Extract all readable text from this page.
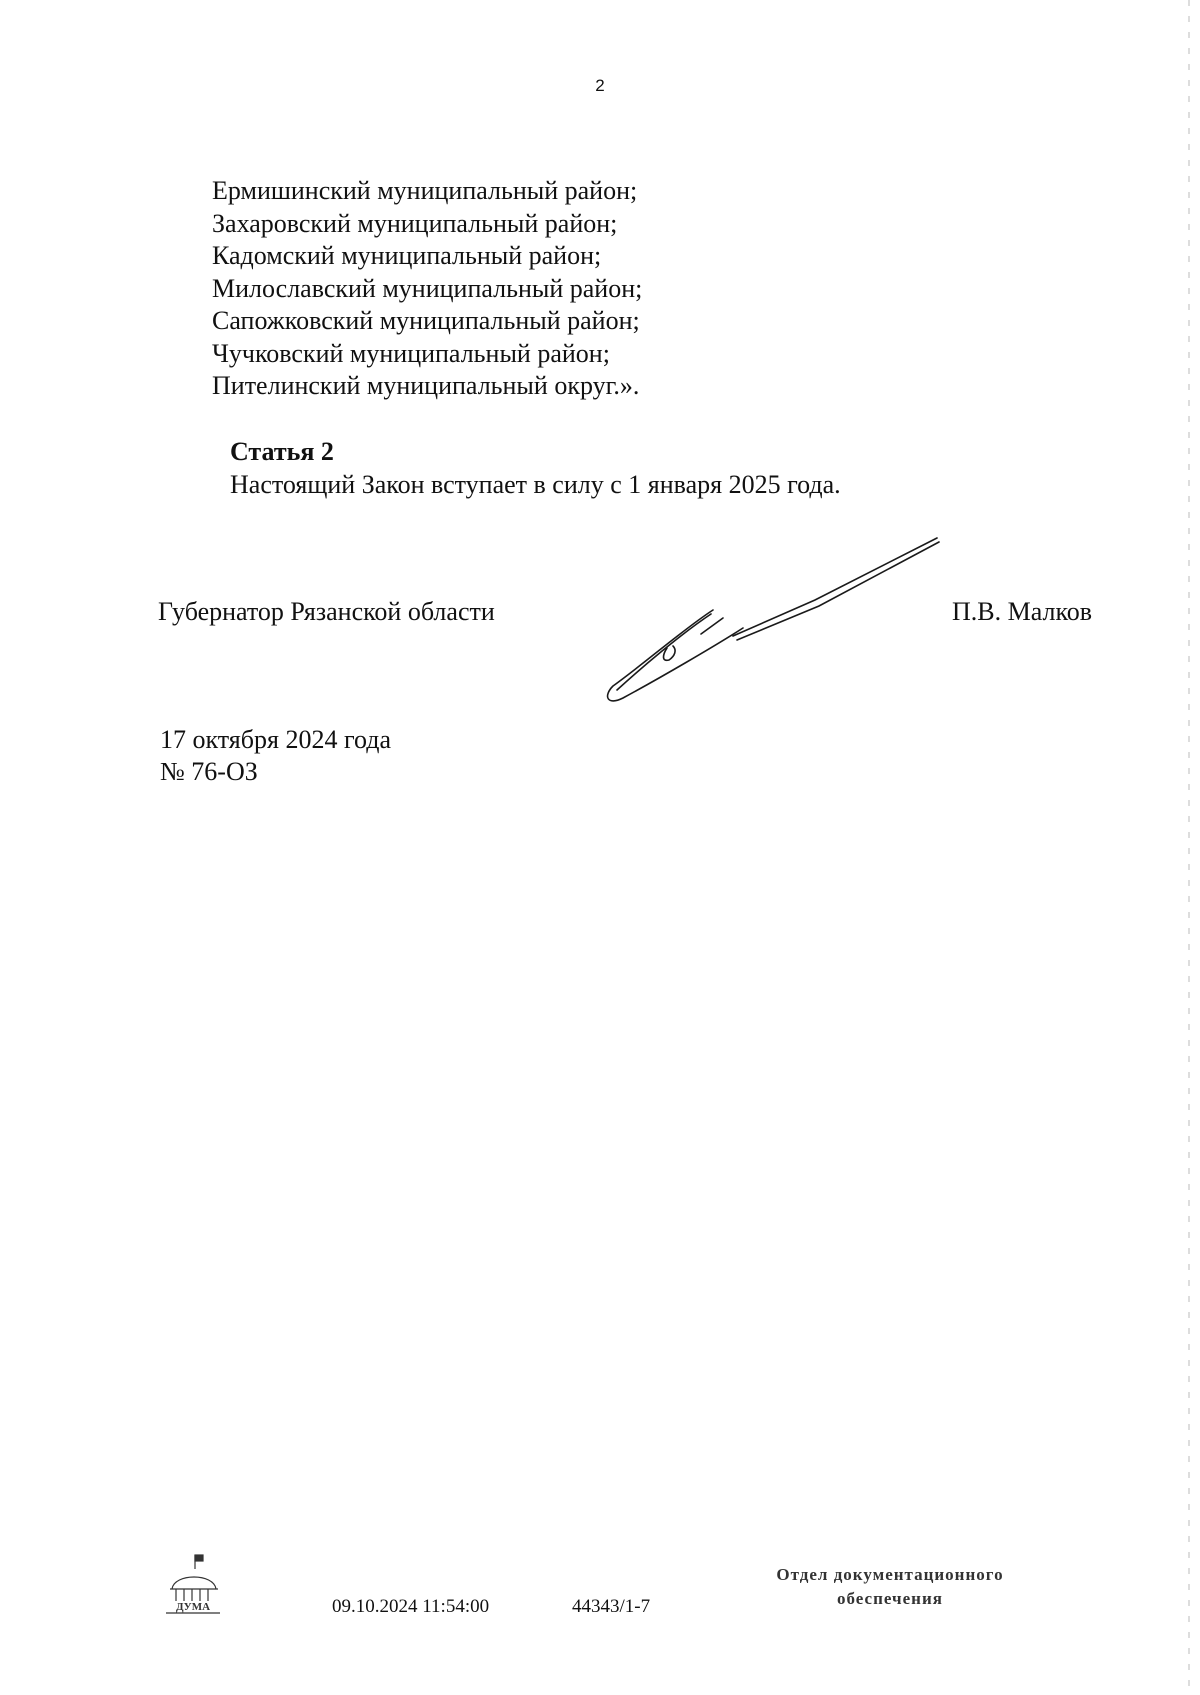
2
Ермишинский муниципальный район;
Захаровский муниципальный район;
Кадомский муниципальный район;
Милославский муниципальный район;
Сапожковский муниципальный район;
Чучковский муниципальный район;
Пителинский муниципальный округ.».
Статья 2
Настоящий Закон вступает в силу с 1 января 2025 года.
Губернатор Рязанской области	П.В. Малков
17 октября 2024 года
№ 76-ОЗ
ДУМА	09.10.2024 11:54:00	44343/1-7
Отдел документационного
обеспечения
